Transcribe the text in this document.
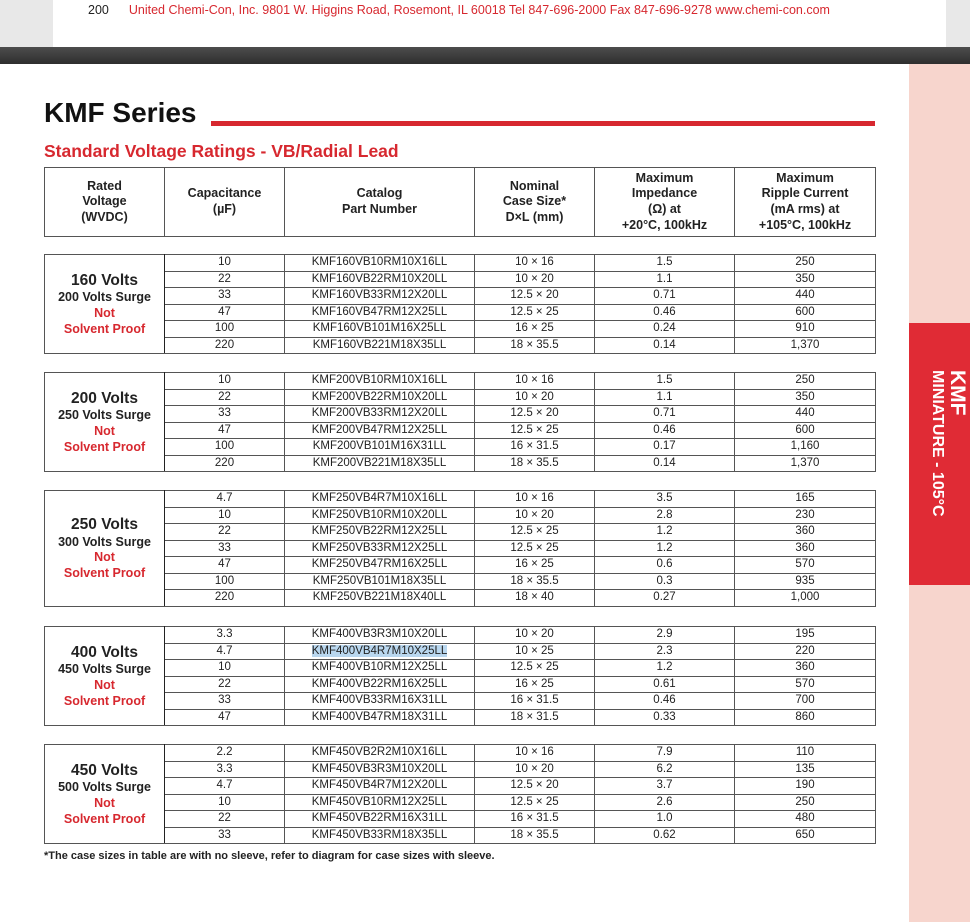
200 United Chemi-Con, Inc. 9801 W. Higgins Road, Rosemont, IL 60018 Tel 847-696-2000 Fax 847-696-9278 www.chemi-con.com
KMF
MINIATURE - 105°C
KMF Series
Standard Voltage Ratings - VB/Radial Lead
Rated
Voltage
(WVDC)	Capacitance
(µF)	Catalog
Part Number	Nominal
Case Size*
D×L (mm)	Maximum
Impedance
(Ω) at
+20°C, 100kHz	Maximum
Ripple Current
(mA rms) at
+105°C, 100kHz
160 Volts
200 Volts Surge
Not
Solvent Proof	10	KMF160VB10RM10X16LL	10 × 16	1.5	250
	22	KMF160VB22RM10X20LL	10 × 20	1.1	350
	33	KMF160VB33RM12X20LL	12.5 × 20	0.71	440
	47	KMF160VB47RM12X25LL	12.5 × 25	0.46	600
	100	KMF160VB101M16X25LL	16 × 25	0.24	910
	220	KMF160VB221M18X35LL	18 × 35.5	0.14	1,370
200 Volts
250 Volts Surge
Not
Solvent Proof	10	KMF200VB10RM10X16LL	10 × 16	1.5	250
	22	KMF200VB22RM10X20LL	10 × 20	1.1	350
	33	KMF200VB33RM12X20LL	12.5 × 20	0.71	440
	47	KMF200VB47RM12X25LL	12.5 × 25	0.46	600
	100	KMF200VB101M16X31LL	16 × 31.5	0.17	1,160
	220	KMF200VB221M18X35LL	18 × 35.5	0.14	1,370
250 Volts
300 Volts Surge
Not
Solvent Proof	4.7	KMF250VB4R7M10X16LL	10 × 16	3.5	165
	10	KMF250VB10RM10X20LL	10 × 20	2.8	230
	22	KMF250VB22RM12X25LL	12.5 × 25	1.2	360
	33	KMF250VB33RM12X25LL	12.5 × 25	1.2	360
	47	KMF250VB47RM16X25LL	16 × 25	0.6	570
	100	KMF250VB101M18X35LL	18 × 35.5	0.3	935
	220	KMF250VB221M18X40LL	18 × 40	0.27	1,000
400 Volts
450 Volts Surge
Not
Solvent Proof	3.3	KMF400VB3R3M10X20LL	10 × 20	2.9	195
	4.7	KMF400VB4R7M10X25LL	10 × 25	2.3	220
	10	KMF400VB10RM12X25LL	12.5 × 25	1.2	360
	22	KMF400VB22RM16X25LL	16 × 25	0.61	570
	33	KMF400VB33RM16X31LL	16 × 31.5	0.46	700
	47	KMF400VB47RM18X31LL	18 × 31.5	0.33	860
450 Volts
500 Volts Surge
Not
Solvent Proof	2.2	KMF450VB2R2M10X16LL	10 × 16	7.9	110
	3.3	KMF450VB3R3M10X20LL	10 × 20	6.2	135
	4.7	KMF450VB4R7M12X20LL	12.5 × 20	3.7	190
	10	KMF450VB10RM12X25LL	12.5 × 25	2.6	250
	22	KMF450VB22RM16X31LL	16 × 31.5	1.0	480
	33	KMF450VB33RM18X35LL	18 × 35.5	0.62	650
*The case sizes in table are with no sleeve, refer to diagram for case sizes with sleeve.
